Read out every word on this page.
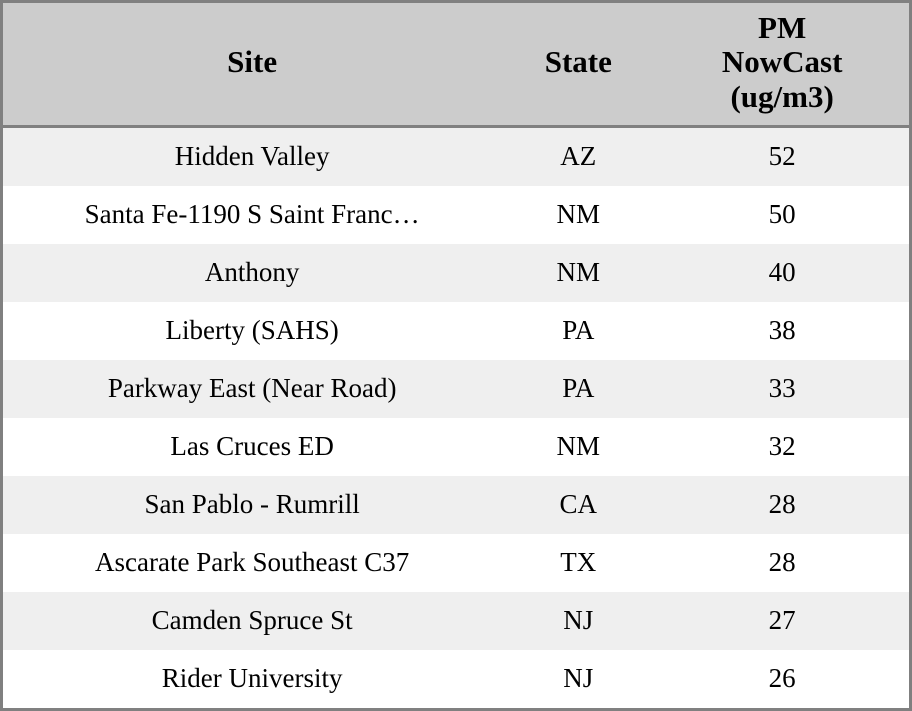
Site	State	PM
NowCast
(ug/m3)

Hidden Valley	AZ	52
Santa Fe-1190 S Saint Franc…	NM	50
Anthony	NM	40
Liberty (SAHS)	PA	38
Parkway East (Near Road)	PA	33
Las Cruces ED	NM	32
San Pablo - Rumrill	CA	28
Ascarate Park Southeast C37	TX	28
Camden Spruce St	NJ	27
Rider University	NJ	26
